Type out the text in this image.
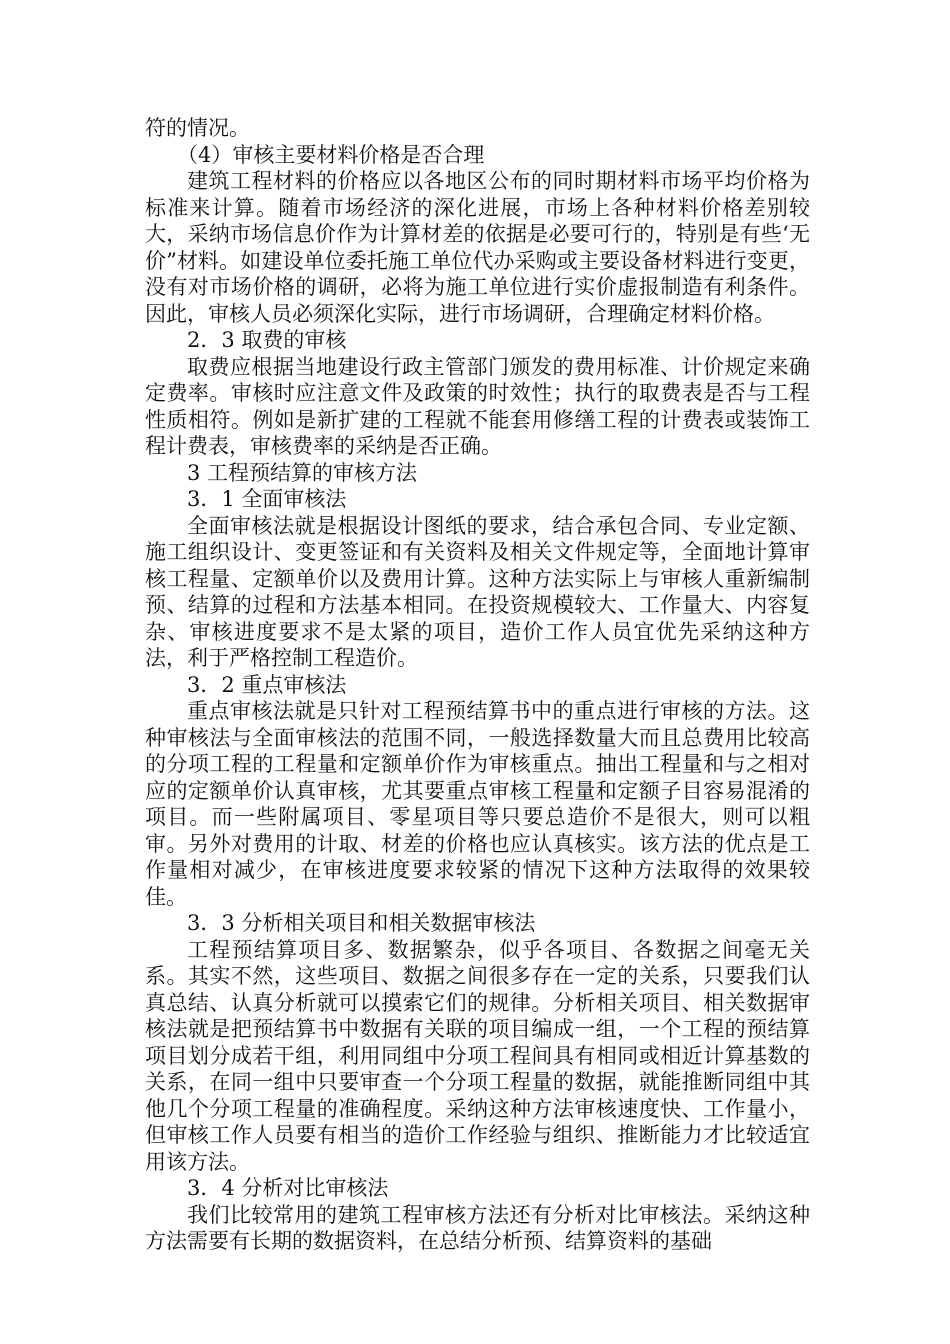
符的情况。

（4）审核主要材料价格是否合理

建筑工程材料的价格应以各地区公布的同时期材料市场平均价格为标准来计算。随着市场经济的深化进展，市场上各种材料价格差别较大，采纳市场信息价作为计算材差的依据是必要可行的，特别是有些‘无价”材料。如建设单位委托施工单位代办采购或主要设备材料进行变更，没有对市场价格的调研，必将为施工单位进行实价虚报制造有利条件。因此，审核人员必须深化实际，进行市场调研，合理确定材料价格。

2．3 取费的审核

取费应根据当地建设行政主管部门颁发的费用标准、计价规定来确定费率。审核时应注意文件及政策的时效性；执行的取费表是否与工程性质相符。例如是新扩建的工程就不能套用修缮工程的计费表或装饰工程计费表，审核费率的采纳是否正确。

3 工程预结算的审核方法

3．1 全面审核法

全面审核法就是根据设计图纸的要求，结合承包合同、专业定额、施工组织设计、变更签证和有关资料及相关文件规定等，全面地计算审核工程量、定额单价以及费用计算。这种方法实际上与审核人重新编制预、结算的过程和方法基本相同。在投资规模较大、工作量大、内容复杂、审核进度要求不是太紧的项目，造价工作人员宜优先采纳这种方法，利于严格控制工程造价。

3．2 重点审核法

重点审核法就是只针对工程预结算书中的重点进行审核的方法。这种审核法与全面审核法的范围不同，一般选择数量大而且总费用比较高的分项工程的工程量和定额单价作为审核重点。抽出工程量和与之相对应的定额单价认真审核，尤其要重点审核工程量和定额子目容易混淆的项目。而一些附属项目、零星项目等只要总造价不是很大，则可以粗审。另外对费用的计取、材差的价格也应认真核实。该方法的优点是工作量相对减少，在审核进度要求较紧的情况下这种方法取得的效果较佳。

3．3 分析相关项目和相关数据审核法

工程预结算项目多、数据繁杂，似乎各项目、各数据之间毫无关系。其实不然，这些项目、数据之间很多存在一定的关系，只要我们认真总结、认真分析就可以摸索它们的规律。分析相关项目、相关数据审核法就是把预结算书中数据有关联的项目编成一组，一个工程的预结算项目划分成若干组，利用同组中分项工程间具有相同或相近计算基数的关系，在同一组中只要审查一个分项工程量的数据，就能推断同组中其他几个分项工程量的准确程度。采纳这种方法审核速度快、工作量小，但审核工作人员要有相当的造价工作经验与组织、推断能力才比较适宜用该方法。

3．4 分析对比审核法

我们比较常用的建筑工程审核方法还有分析对比审核法。采纳这种方法需要有长期的数据资料，在总结分析预、结算资料的基础
